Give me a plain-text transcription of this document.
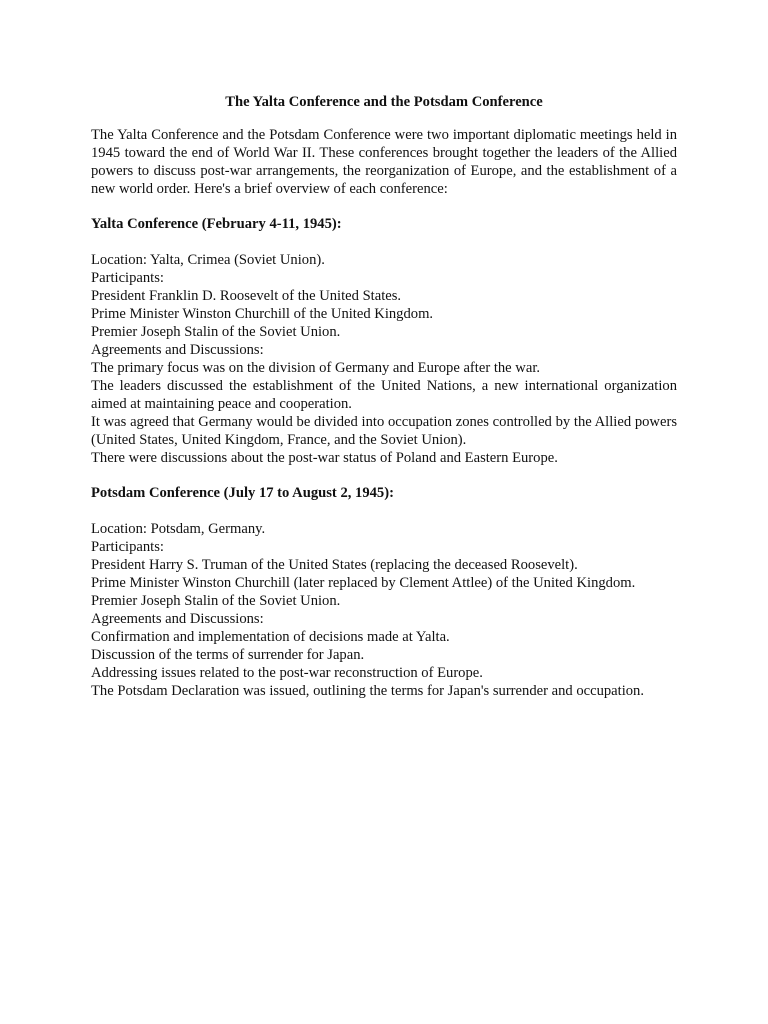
The Yalta Conference and the Potsdam Conference
The Yalta Conference and the Potsdam Conference were two important diplomatic meetings held in 1945 toward the end of World War II. These conferences brought together the leaders of the Allied powers to discuss post-war arrangements, the reorganization of Europe, and the establishment of a new world order. Here's a brief overview of each conference:
Yalta Conference (February 4-11, 1945):
Location: Yalta, Crimea (Soviet Union).
Participants:
President Franklin D. Roosevelt of the United States.
Prime Minister Winston Churchill of the United Kingdom.
Premier Joseph Stalin of the Soviet Union.
Agreements and Discussions:
The primary focus was on the division of Germany and Europe after the war.
The leaders discussed the establishment of the United Nations, a new international organization aimed at maintaining peace and cooperation.
It was agreed that Germany would be divided into occupation zones controlled by the Allied powers (United States, United Kingdom, France, and the Soviet Union).
There were discussions about the post-war status of Poland and Eastern Europe.
Potsdam Conference (July 17 to August 2, 1945):
Location: Potsdam, Germany.
Participants:
President Harry S. Truman of the United States (replacing the deceased Roosevelt).
Prime Minister Winston Churchill (later replaced by Clement Attlee) of the United Kingdom.
Premier Joseph Stalin of the Soviet Union.
Agreements and Discussions:
Confirmation and implementation of decisions made at Yalta.
Discussion of the terms of surrender for Japan.
Addressing issues related to the post-war reconstruction of Europe.
The Potsdam Declaration was issued, outlining the terms for Japan's surrender and occupation.
